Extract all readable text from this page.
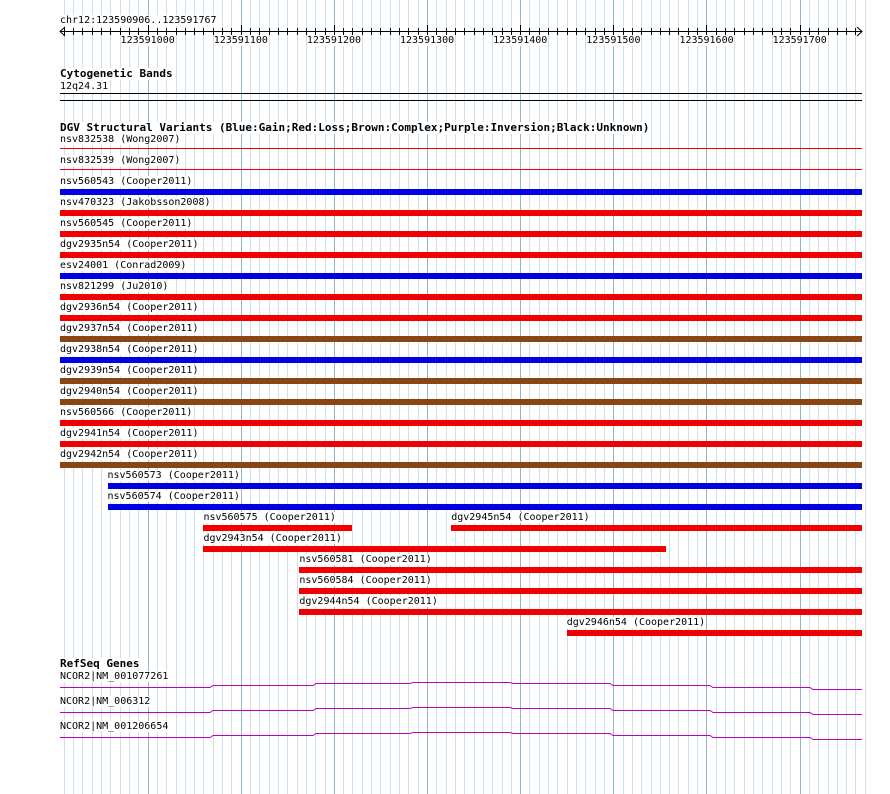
chr12:123590906..123591767
123591000	123591100	123591200	123591300	123591400	123591500	123591600	123591700
Cytogenetic Bands
12q24.31
DGV Structural Variants (Blue:Gain;Red:Loss;Brown:Complex;Purple:Inversion;Black:Unknown)
nsv832538 (Wong2007)
nsv832539 (Wong2007)
nsv560543 (Cooper2011)
nsv470323 (Jakobsson2008)
nsv560545 (Cooper2011)
dgv2935n54 (Cooper2011)
esv24001 (Conrad2009)
nsv821299 (Ju2010)
dgv2936n54 (Cooper2011)
dgv2937n54 (Cooper2011)
dgv2938n54 (Cooper2011)
dgv2939n54 (Cooper2011)
dgv2940n54 (Cooper2011)
nsv560566 (Cooper2011)
dgv2941n54 (Cooper2011)
dgv2942n54 (Cooper2011)
nsv560573 (Cooper2011)
nsv560574 (Cooper2011)
nsv560575 (Cooper2011)	dgv2945n54 (Cooper2011)
dgv2943n54 (Cooper2011)
nsv560581 (Cooper2011)
nsv560584 (Cooper2011)
dgv2944n54 (Cooper2011)
dgv2946n54 (Cooper2011)
RefSeq Genes
NCOR2|NM_001077261
NCOR2|NM_006312
NCOR2|NM_001206654
